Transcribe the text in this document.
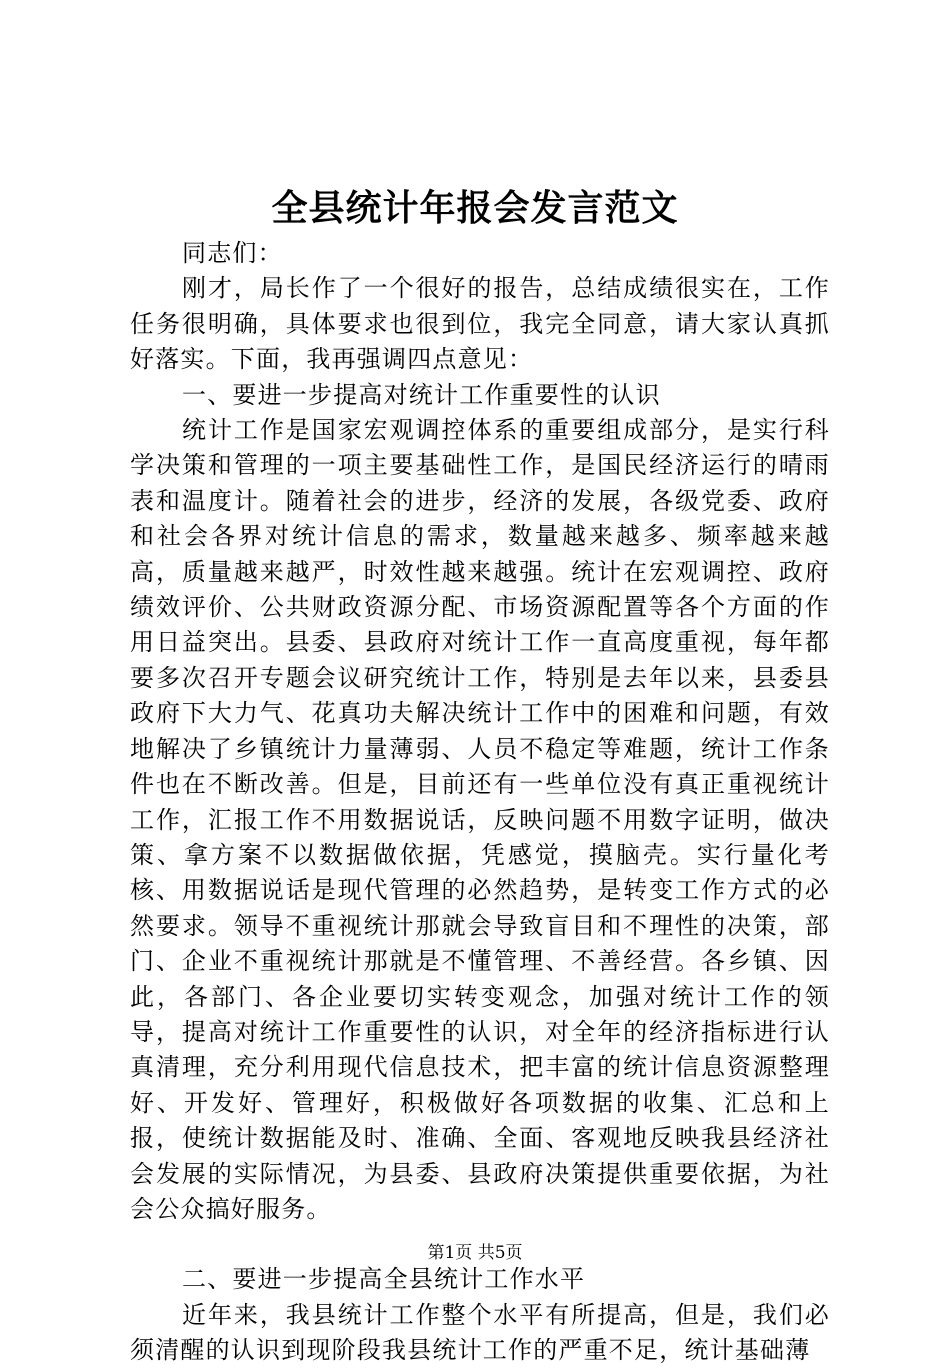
全县统计年报会发言范文

同志们：

刚才，局长作了一个很好的报告，总结成绩很实在，工作任务很明确，具体要求也很到位，我完全同意，请大家认真抓好落实。下面，我再强调四点意见：

一、要进一步提高对统计工作重要性的认识

统计工作是国家宏观调控体系的重要组成部分，是实行科学决策和管理的一项主要基础性工作，是国民经济运行的晴雨表和温度计。随着社会的进步，经济的发展，各级党委、政府和社会各界对统计信息的需求，数量越来越多、频率越来越高，质量越来越严，时效性越来越强。统计在宏观调控、政府绩效评价、公共财政资源分配、市场资源配置等各个方面的作用日益突出。县委、县政府对统计工作一直高度重视，每年都要多次召开专题会议研究统计工作，特别是去年以来，县委县政府下大力气、花真功夫解决统计工作中的困难和问题，有效地解决了乡镇统计力量薄弱、人员不稳定等难题，统计工作条件也在不断改善。但是，目前还有一些单位没有真正重视统计工作，汇报工作不用数据说话，反映问题不用数字证明，做决策、拿方案不以数据做依据，凭感觉，摸脑壳。实行量化考核、用数据说话是现代管理的必然趋势，是转变工作方式的必然要求。领导不重视统计那就会导致盲目和不理性的决策，部门、企业不重视统计那就是不懂管理、不善经营。各乡镇、因此，各部门、各企业要切实转变观念，加强对统计工作的领导，提高对统计工作重要性的认识，对全年的经济指标进行认真清理，充分利用现代信息技术，把丰富的统计信息资源整理好、开发好、管理好，积极做好各项数据的收集、汇总和上报，使统计数据能及时、准确、全面、客观地反映我县经济社会发展的实际情况，为县委、县政府决策提供重要依据，为社会公众搞好服务。

二、要进一步提高全县统计工作水平

近年来，我县统计工作整个水平有所提高，但是，我们必须清醒的认识到现阶段我县统计工作的严重不足，统计基础薄

第1页 共5页
